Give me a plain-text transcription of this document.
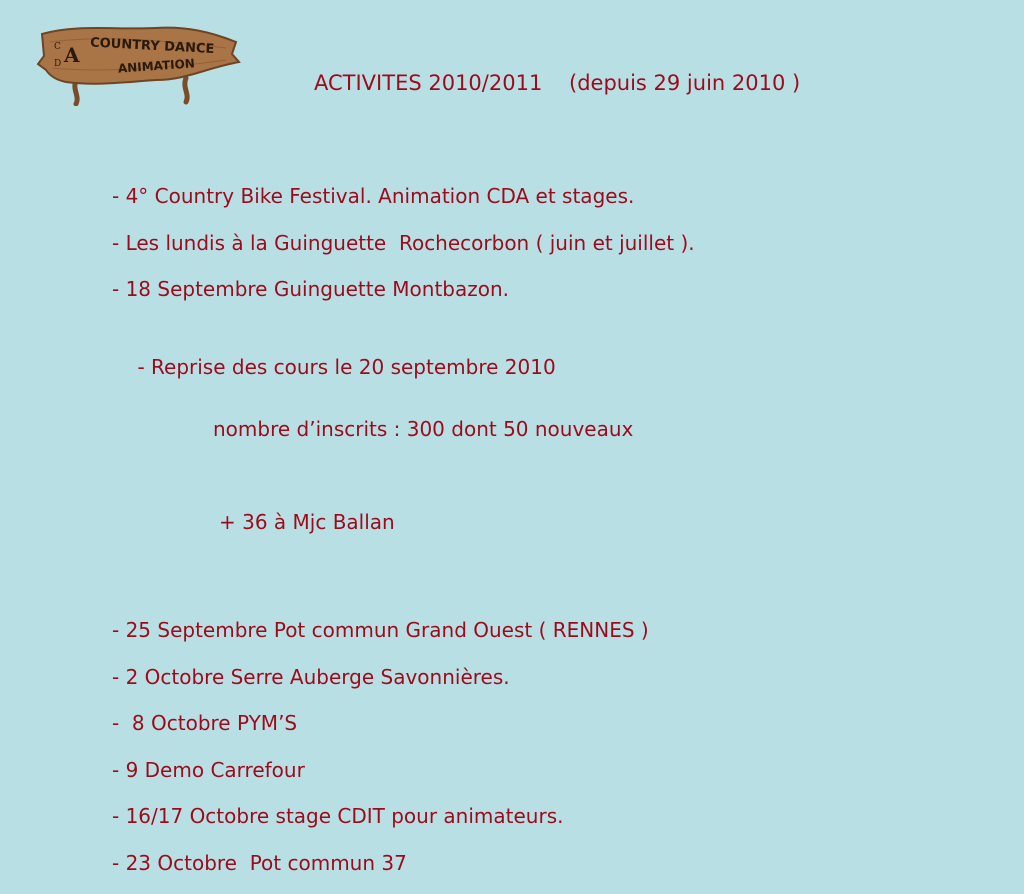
C
D A COUNTRY DANCE
ANIMATION
ACTIVITES 2010/2011    (depuis 29 juin 2010 )
- 4° Country Bike Festival. Animation CDA et stages.
- Les lundis à la Guinguette  Rochecorbon ( juin et juillet ).
- 18 Septembre Guinguette Montbazon.

- Reprise des cours le 20 septembre 2010

nombre d’inscrits : 300 dont 50 nouveaux

+ 36 à Mjc Ballan

- 25 Septembre Pot commun Grand Ouest ( RENNES )
- 2 Octobre Serre Auberge Savonnières.
-  8 Octobre PYM’S
- 9 Demo Carrefour
- 16/17 Octobre stage CDIT pour animateurs.
- 23 Octobre  Pot commun 37
